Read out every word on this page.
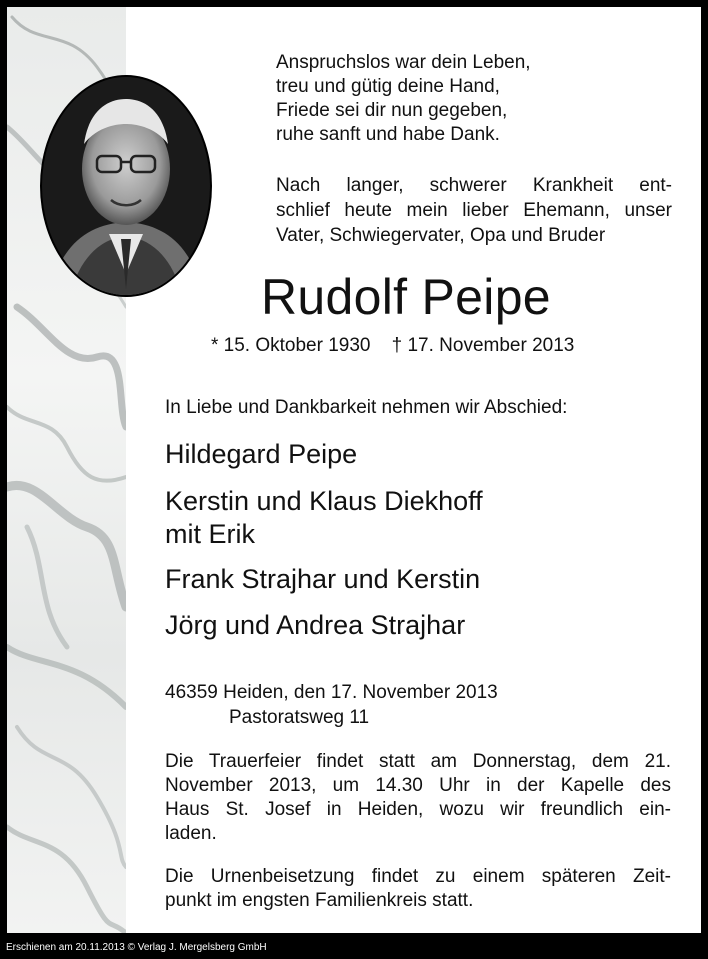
Anspruchslos war dein Leben,
treu und gütig deine Hand,
Friede sei dir nun gegeben,
ruhe sanft und habe Dank.

Nach langer, schwerer Krankheit ent-
schlief heute mein lieber Ehemann, unser
Vater, Schwiegervater, Opa und Bruder

Rudolf Peipe
* 15. Oktober 1930 † 17. November 2013
In Liebe und Dankbarkeit nehmen wir Abschied:
Hildegard Peipe
Kerstin und Klaus Diekhoff
mit Erik
Frank Strajhar und Kerstin
Jörg und Andrea Strajhar
46359 Heiden, den 17. November 2013
Pastoratsweg 11

Die Trauerfeier findet statt am Donnerstag, dem 21.
November 2013, um 14.30 Uhr in der Kapelle des
Haus St. Josef in Heiden, wozu wir freundlich ein-
laden.

Die Urnenbeisetzung findet zu einem späteren Zeit-
punkt im engsten Familienkreis statt.

Erschienen am 20.11.2013 © Verlag J. Mergelsberg GmbH
